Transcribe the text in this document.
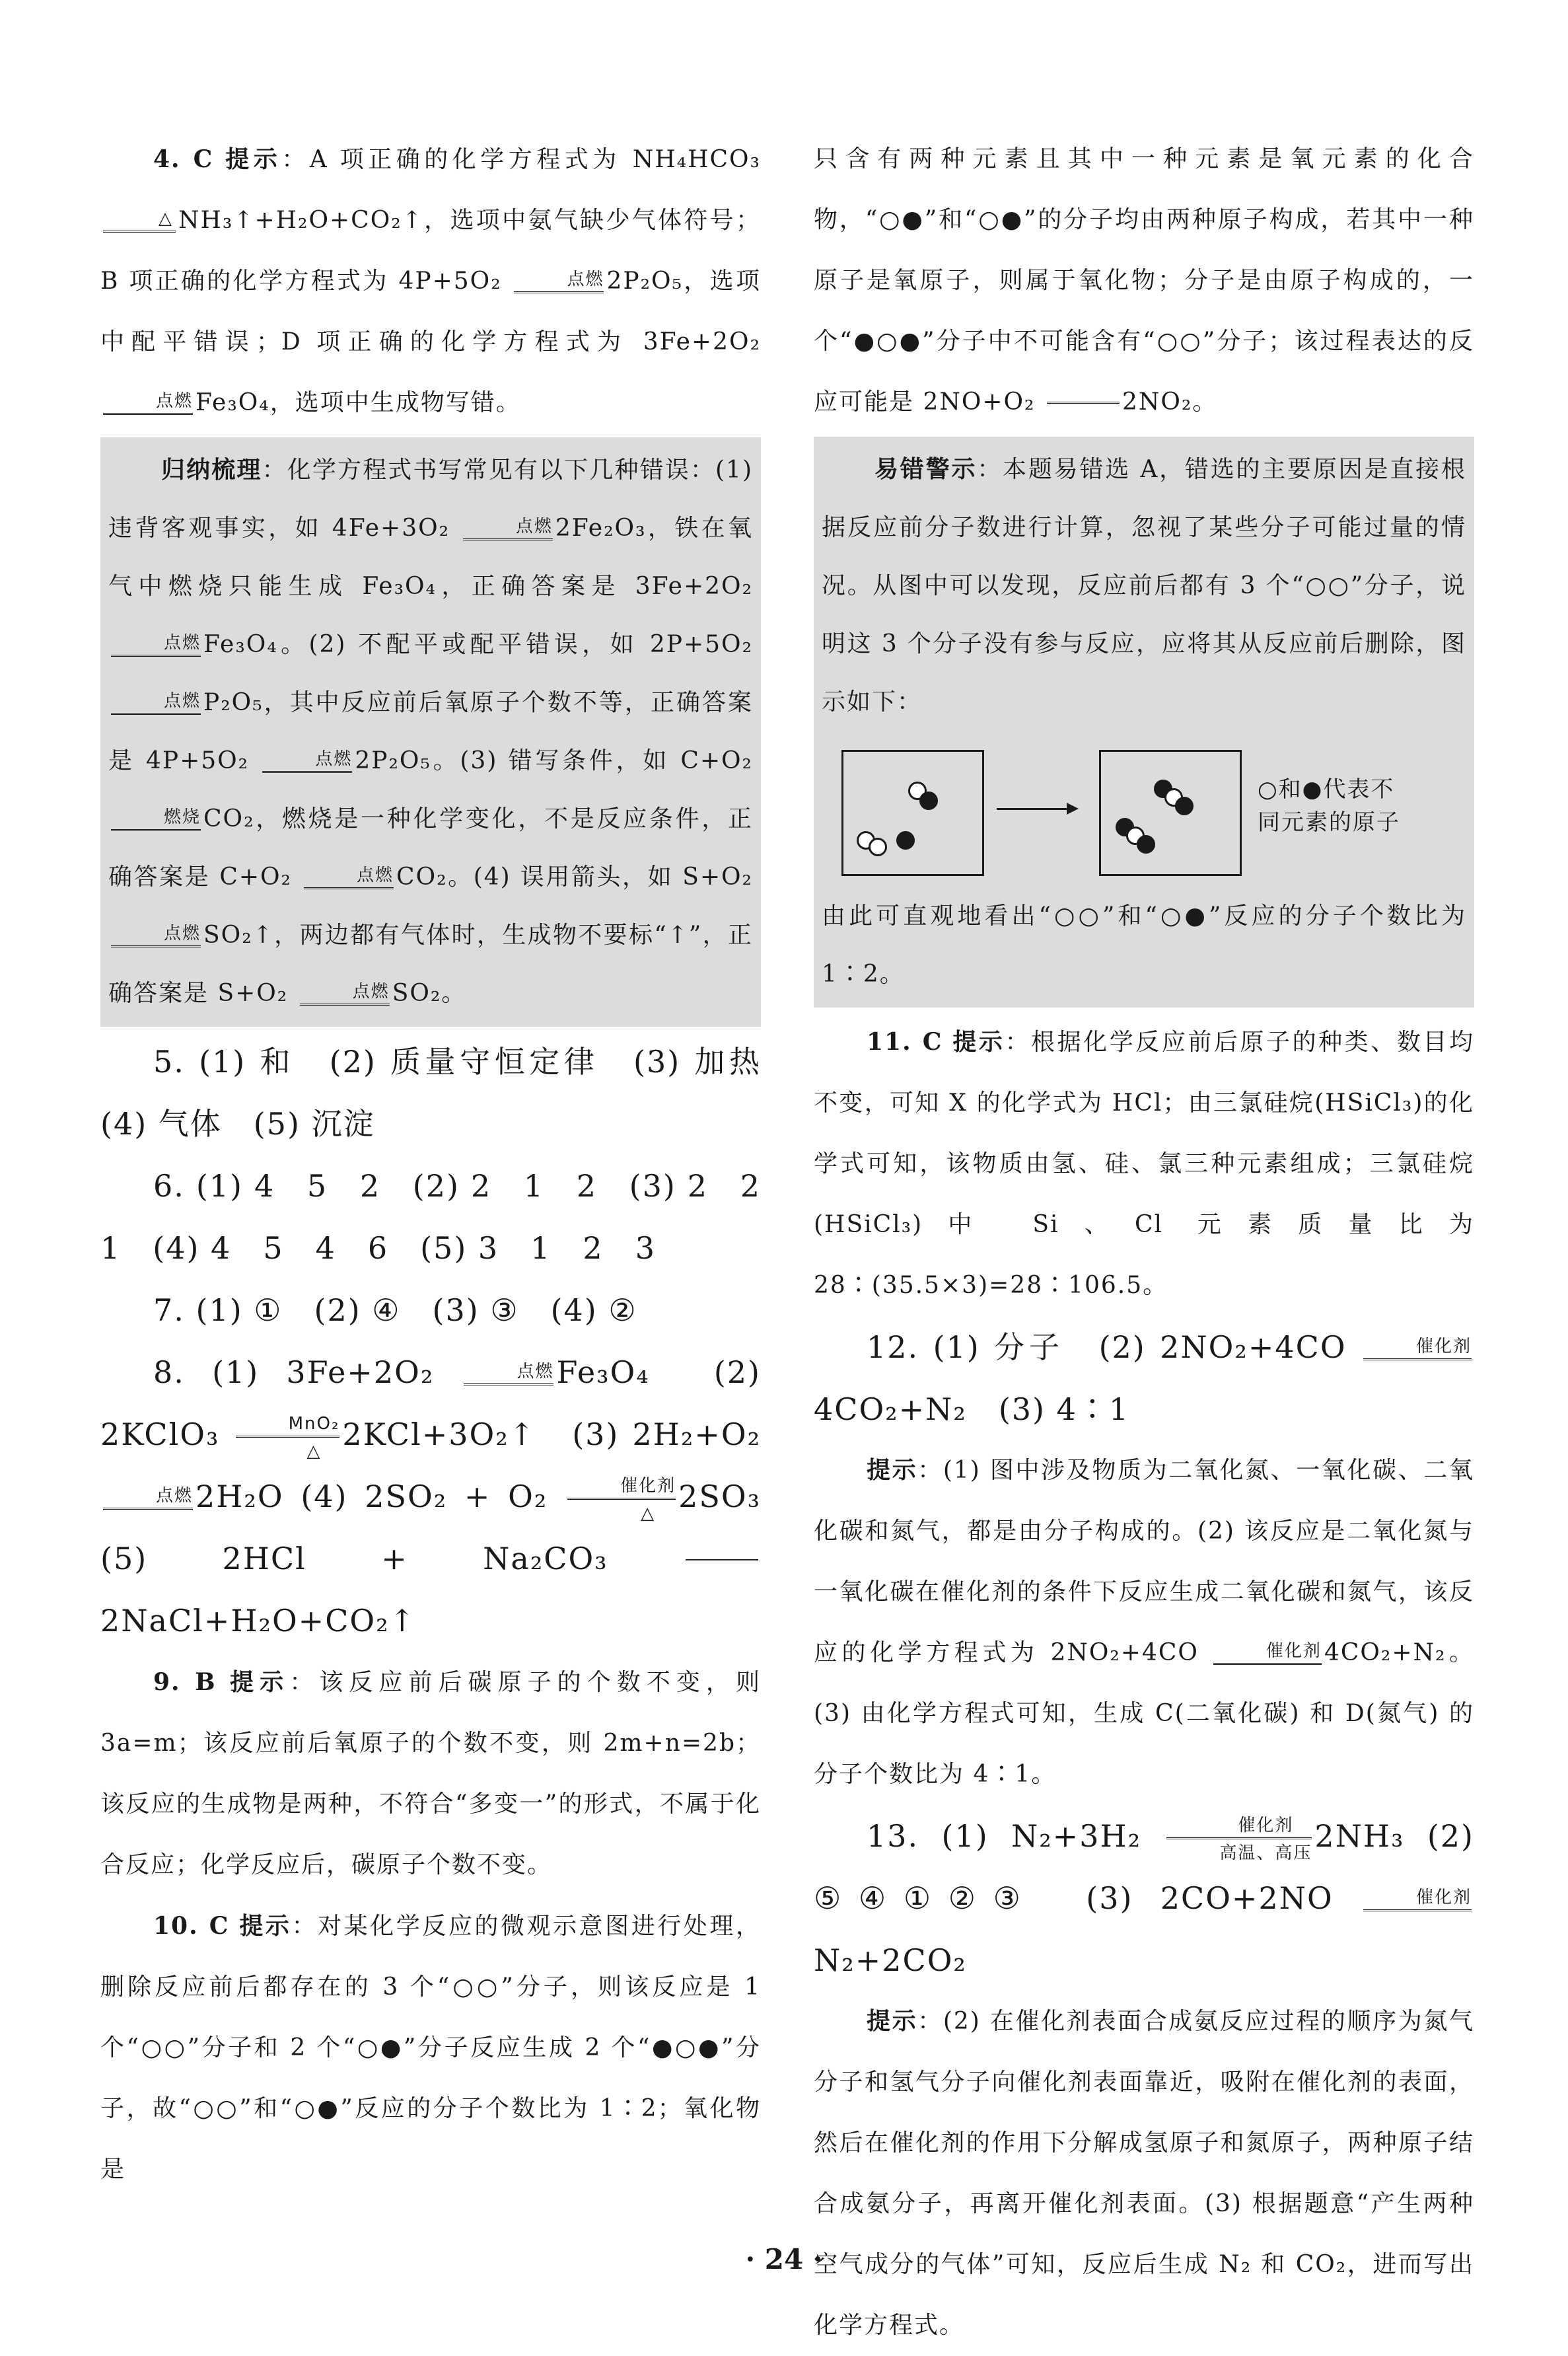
4. C 提示：A 项正确的化学方程式为 NH₄HCO₃
△ NH₃↑+H₂O+CO₂↑，选项中氨气缺少气体符号；B 项正确的化学方程式为 4P+5O₂	点燃 2P₂O₅，选项中配平错误；D 项正确的化学方程式为 3Fe+2O₂
点燃 Fe₃O₄，选项中生成物写错。

归纳梳理：化学方程式书写常见有以下几种错误：(1) 违背客观事实，如 4Fe+3O₂	点燃 2Fe₂O₃，铁在氧气中燃烧只能生成 Fe₃O₄，正确答案是 3Fe+2O₂
点燃 Fe₃O₄。(2) 不配平或配平错误，如 2P+5O₂
点燃 P₂O₅，其中反应前后氧原子个数不等，正确答案是 4P+5O₂	点燃 2P₂O₅。(3) 错写条件，如 C+O₂
燃烧 CO₂，燃烧是一种化学变化，不是反应条件，正确答案是 C+O₂	点燃 CO₂。(4) 误用箭头，如 S+O₂
点燃 SO₂↑，两边都有气体时，生成物不要标“↑”，正确答案是 S+O₂	点燃 SO₂。

5. (1) 和　(2) 质量守恒定律　(3) 加热　(4) 气体　(5) 沉淀

6. (1) 4　5　2　(2) 2　1　2　(3) 2　2　1　(4) 4　5　4　6　(5) 3　1　2　3

7. (1) ①　(2) ④　(3) ③　(4) ②

8. (1) 3Fe+2O₂	点燃 Fe₃O₄　(2) 2KClO₃	MnO₂
△ 2KCl+3O₂↑　(3) 2H₂+O₂
点燃 2H₂O (4) 2SO₂ + O₂	催化剂
△ 2SO₃　(5) 2HCl + Na₂CO₃
2NaCl+H₂O+CO₂↑

9. B 提示：该反应前后碳原子的个数不变，则 3a=m；该反应前后氧原子的个数不变，则 2m+n=2b；该反应的生成物是两种，不符合“多变一”的形式，不属于化合反应；化学反应后，碳原子个数不变。

10. C 提示：对某化学反应的微观示意图进行处理，删除反应前后都存在的 3 个“○○”分子，则该反应是 1 个“○○”分子和 2 个“○●”分子反应生成 2 个“●○●”分子，故“○○”和“○●”反应的分子个数比为 1∶2；氧化物是

只含有两种元素且其中一种元素是氧元素的化合物，“○●”和“○●”的分子均由两种原子构成，若其中一种原子是氧原子，则属于氧化物；分子是由原子构成的，一个“●○●”分子中不可能含有“○○”分子；该过程表达的反应可能是 2NO+O₂	2NO₂。

易错警示：本题易错选 A，错选的主要原因是直接根据反应前分子数进行计算，忽视了某些分子可能过量的情况。从图中可以发现，反应前后都有 3 个“○○”分子，说明这 3 个分子没有参与反应，应将其从反应前后删除，图示如下：

○和●代表不
同元素的原子

由此可直观地看出“○○”和“○●”反应的分子个数比为 1∶2。

11. C 提示：根据化学反应前后原子的种类、数目均不变，可知 X 的化学式为 HCl；由三氯硅烷(HSiCl₃)的化学式可知，该物质由氢、硅、氯三种元素组成；三氯硅烷(HSiCl₃)中 Si、Cl 元素质量比为 28∶(35.5×3)=28∶106.5。

12. (1) 分子　(2) 2NO₂+4CO	催化剂
4CO₂+N₂　(3) 4∶1

提示：(1) 图中涉及物质为二氧化氮、一氧化碳、二氧化碳和氮气，都是由分子构成的。(2) 该反应是二氧化氮与一氧化碳在催化剂的条件下反应生成二氧化碳和氮气，该反应的化学方程式为 2NO₂+4CO	催化剂 4CO₂+N₂。(3) 由化学方程式可知，生成 C(二氧化碳) 和 D(氮气) 的分子个数比为 4∶1。

13. (1) N₂+3H₂	催化剂
高温、高压 2NH₃ (2) ⑤④①②③　(3) 2CO+2NO	催化剂
N₂+2CO₂

提示：(2) 在催化剂表面合成氨反应过程的顺序为氮气分子和氢气分子向催化剂表面靠近，吸附在催化剂的表面，然后在催化剂的作用下分解成氢原子和氮原子，两种原子结合成氨分子，再离开催化剂表面。(3) 根据题意“产生两种空气成分的气体”可知，反应后生成 N₂ 和 CO₂，进而写出化学方程式。

· 24 ·
